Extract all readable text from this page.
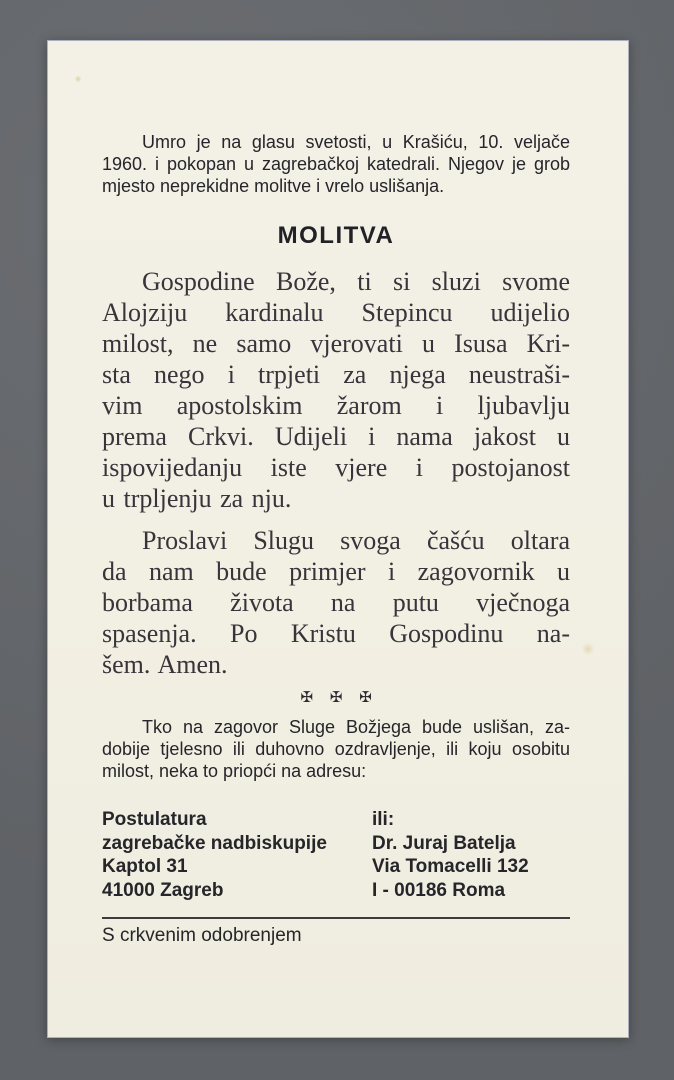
Umro je na glasu svetosti, u Krašiću, 10. veljače
1960. i pokopan u zagrebačkoj katedrali. Njegov je grob
mjesto neprekidne molitve i vrelo uslišanja.
MOLITVA
Gospodine Bože, ti si sluzi svome
Alojziju kardinalu Stepincu udijelio
milost, ne samo vjerovati u Isusa Kri-
sta nego i trpjeti za njega neustraši-
vim apostolskim žarom i ljubavlju
prema Crkvi. Udijeli i nama jakost u
ispovijedanju iste vjere i postojanost
u trpljenju za nju.
Proslavi Slugu svoga čašću oltara
da nam bude primjer i zagovornik u
borbama života na putu vječnoga
spasenja. Po Kristu Gospodinu na-
šem. Amen.
✠ ✠ ✠
Tko na zagovor Sluge Božjega bude uslišan, za-
dobije tjelesno ili duhovno ozdravljenje, ili koju osobitu
milost, neka to priopći na adresu:
Postulatura
zagrebačke nadbiskupije
Kaptol 31
41000 Zagreb
ili:
Dr. Juraj Batelja
Via Tomacelli 132
I - 00186 Roma
S crkvenim odobrenjem
